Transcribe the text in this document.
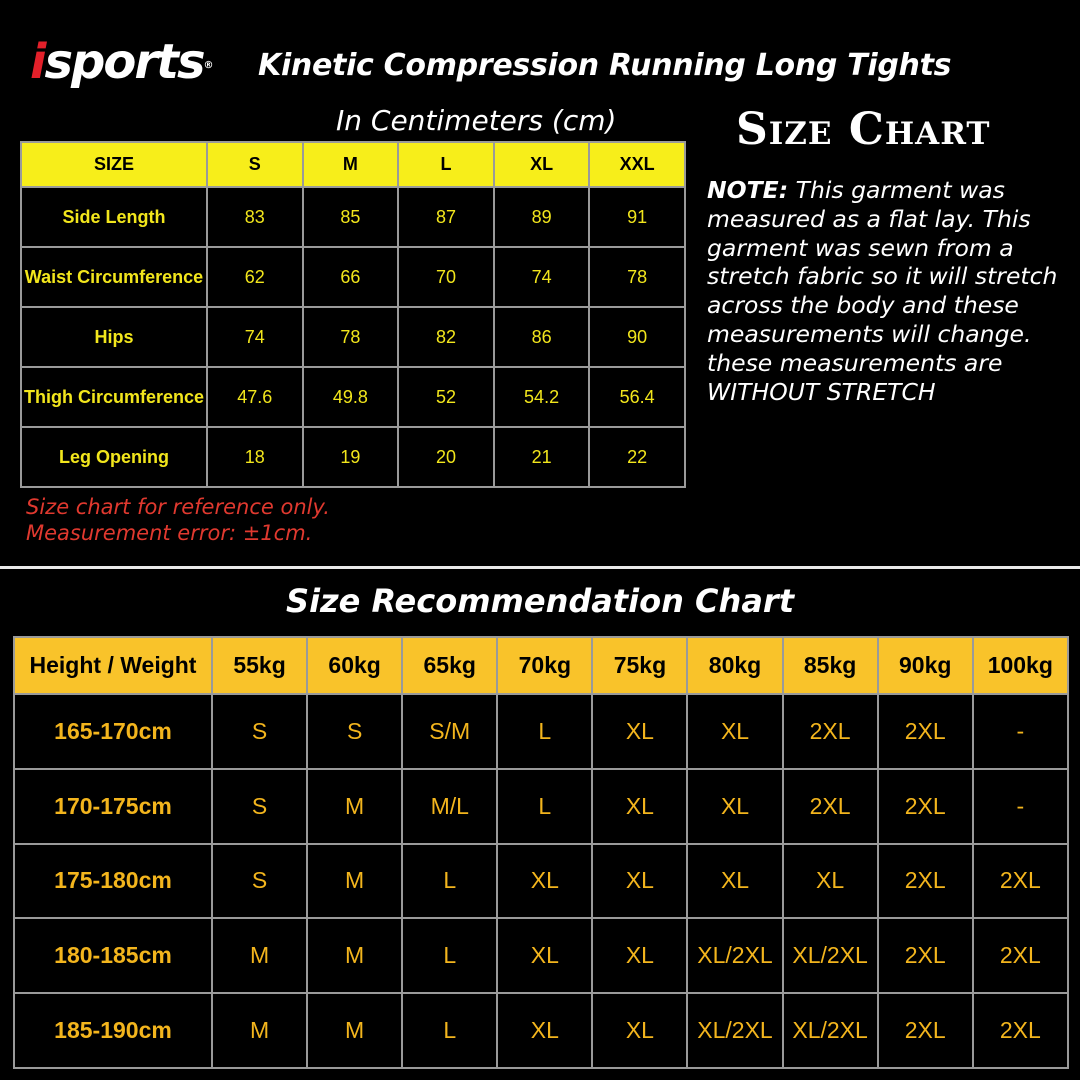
isports® Kinetic Compression Running Long Tights
In Centimeters (cm)	Size Chart
SIZE	S	M	L	XL	XXL
Side Length	83	85	87	89	91
Waist Circumference	62	66	70	74	78
Hips	74	78	82	86	90
Thigh Circumference	47.6	49.8	52	54.2	56.4
Leg Opening	18	19	20	21	22
Size chart for reference only.
Measurement error: ±1cm.
NOTE: This garment was measured as a flat lay. This garment was sewn from a stretch fabric so it will stretch across the body and these measurements will change. these measurements are WITHOUT STRETCH
Size Recommendation Chart
Height / Weight	55kg	60kg	65kg	70kg	75kg	80kg	85kg	90kg	100kg
165-170cm	S	S	S/M	L	XL	XL	2XL	2XL	-
170-175cm	S	M	M/L	L	XL	XL	2XL	2XL	-
175-180cm	S	M	L	XL	XL	XL	XL	2XL	2XL
180-185cm	M	M	L	XL	XL	XL/2XL	XL/2XL	2XL	2XL
185-190cm	M	M	L	XL	XL	XL/2XL	XL/2XL	2XL	2XL
